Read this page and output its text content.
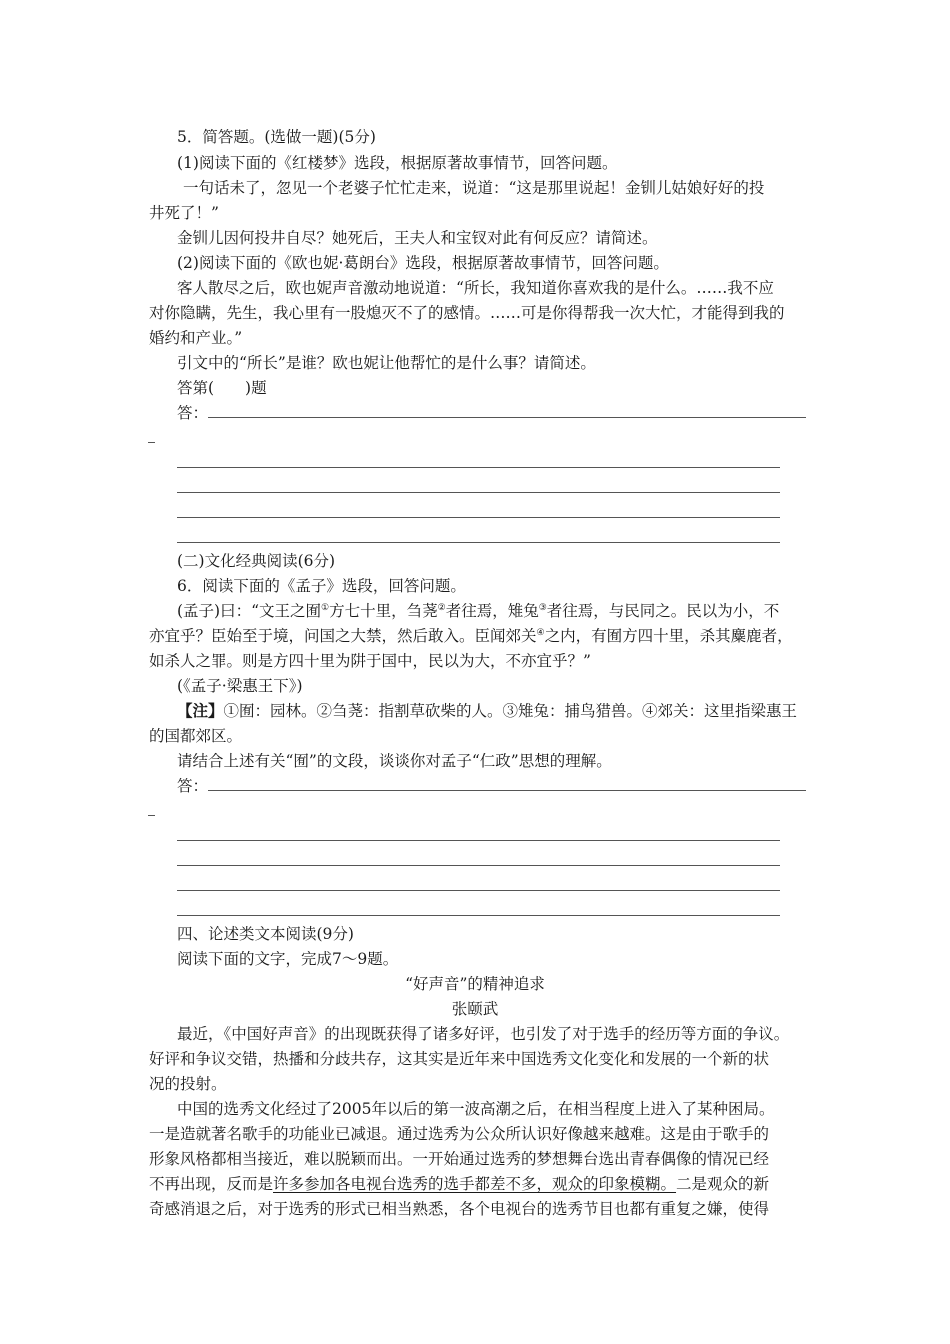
5．简答题。(选做一题)(5分)
(1)阅读下面的《红楼梦》选段，根据原著故事情节，回答问题。
一句话未了，忽见一个老婆子忙忙走来，说道：“这是那里说起！金钏儿姑娘好好的投
井死了！”
金钏儿因何投井自尽？她死后，王夫人和宝钗对此有何反应？请简述。
(2)阅读下面的《欧也妮·葛朗台》选段，根据原著故事情节，回答问题。
客人散尽之后，欧也妮声音激动地说道：“所长，我知道你喜欢我的是什么。……我不应
对你隐瞒，先生，我心里有一股熄灭不了的感情。……可是你得帮我一次大忙，才能得到我的
婚约和产业。”
引文中的“所长”是谁？欧也妮让他帮忙的是什么事？请简述。
答第(　　)题
答：
(二)文化经典阅读(6分)
6．阅读下面的《孟子》选段，回答问题。
(孟子)曰：“文王之囿①方七十里，刍荛②者往焉，雉兔③者往焉，与民同之。民以为小，不
亦宜乎？臣始至于境，问国之大禁，然后敢入。臣闻郊关④之内，有囿方四十里，杀其麋鹿者，
如杀人之罪。则是方四十里为阱于国中，民以为大，不亦宜乎？”
(《孟子·梁惠王下》)
【注】①囿：园林。②刍荛：指割草砍柴的人。③雉兔：捕鸟猎兽。④郊关：这里指梁惠王
的国都郊区。
请结合上述有关“囿”的文段，谈谈你对孟子“仁政”思想的理解。
答：
四、论述类文本阅读(9分)
阅读下面的文字，完成7～9题。
“好声音”的精神追求
张颐武
最近，《中国好声音》的出现既获得了诸多好评，也引发了对于选手的经历等方面的争议。
好评和争议交错，热播和分歧共存，这其实是近年来中国选秀文化变化和发展的一个新的状
况的投射。
中国的选秀文化经过了2005年以后的第一波高潮之后，在相当程度上进入了某种困局。
一是造就著名歌手的功能业已减退。通过选秀为公众所认识好像越来越难。这是由于歌手的
形象风格都相当接近，难以脱颖而出。一开始通过选秀的梦想舞台选出青春偶像的情况已经
不再出现，反而是许多参加各电视台选秀的选手都差不多，观众的印象模糊。二是观众的新
奇感消退之后，对于选秀的形式已相当熟悉，各个电视台的选秀节目也都有重复之嫌，使得
